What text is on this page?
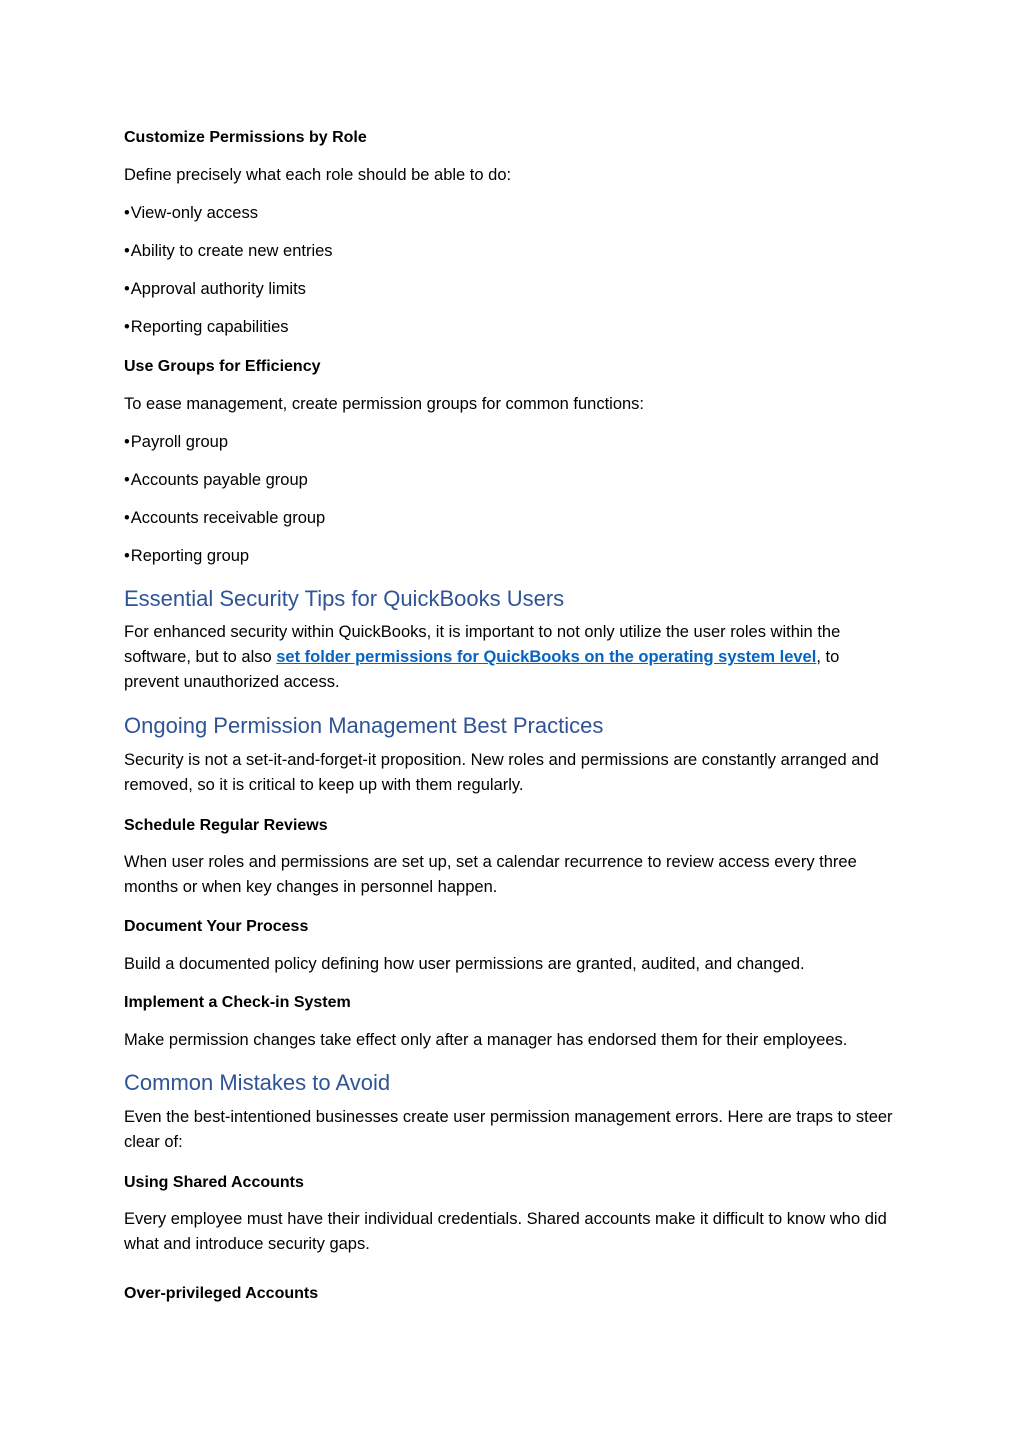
Customize Permissions by Role

Define precisely what each role should be able to do:

• View-only access

• Ability to create new entries

• Approval authority limits

• Reporting capabilities

Use Groups for Efficiency

To ease management, create permission groups for common functions:

• Payroll group

• Accounts payable group

• Accounts receivable group

• Reporting group

Essential Security Tips for QuickBooks Users

For enhanced security within QuickBooks, it is important to not only utilize the user roles within the software, but to also set folder permissions for QuickBooks on the operating system level, to prevent unauthorized access.

Ongoing Permission Management Best Practices

Security is not a set-it-and-forget-it proposition. New roles and permissions are constantly arranged and removed, so it is critical to keep up with them regularly.

Schedule Regular Reviews

When user roles and permissions are set up, set a calendar recurrence to review access every three months or when key changes in personnel happen.

Document Your Process

Build a documented policy defining how user permissions are granted, audited, and changed.

Implement a Check-in System

Make permission changes take effect only after a manager has endorsed them for their employees.

Common Mistakes to Avoid

Even the best-intentioned businesses create user permission management errors. Here are traps to steer clear of:

Using Shared Accounts

Every employee must have their individual credentials. Shared accounts make it difficult to know who did what and introduce security gaps.

Over-privileged Accounts
